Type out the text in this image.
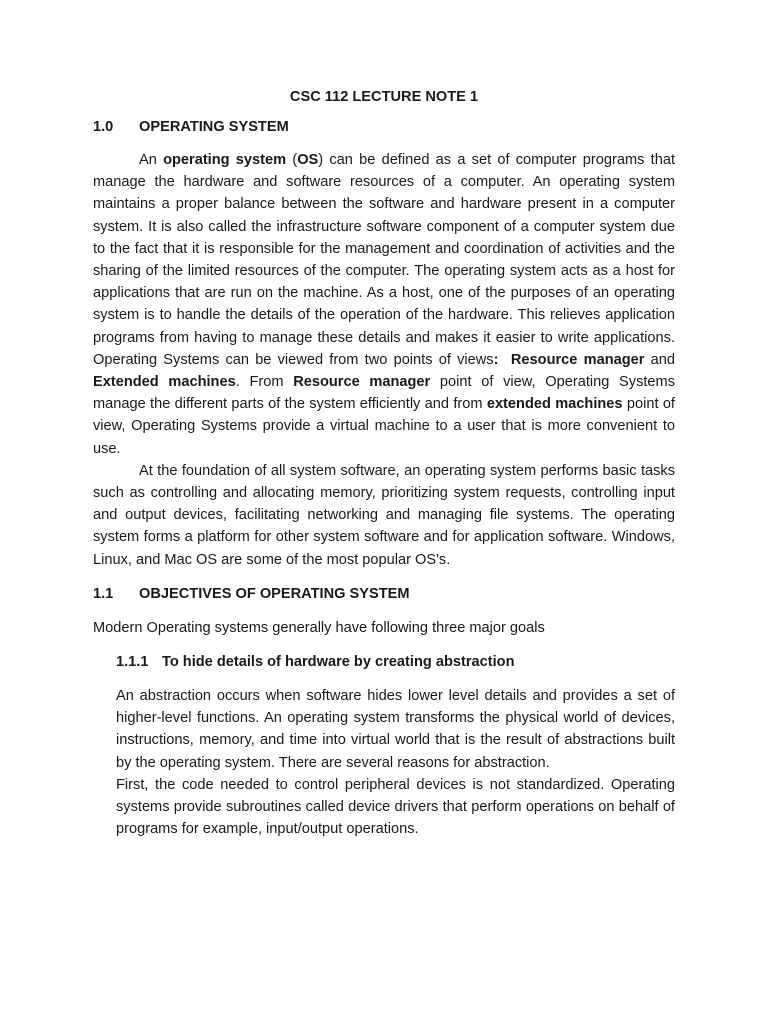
CSC 112 LECTURE NOTE 1
1.0	OPERATING SYSTEM

An operating system (OS) can be defined as a set of computer programs that manage the hardware and software resources of a computer. An operating system maintains a proper balance between the software and hardware present in a computer system. It is also called the infrastructure software component of a computer system due to the fact that it is responsible for the management and coordination of activities and the sharing of the limited resources of the computer. The operating system acts as a host for applications that are run on the machine. As a host, one of the purposes of an operating system is to handle the details of the operation of the hardware. This relieves application programs from having to manage these details and makes it easier to write applications. Operating Systems can be viewed from two points of views: Resource manager and Extended machines. From Resource manager point of view, Operating Systems manage the different parts of the system efficiently and from extended machines point of view, Operating Systems provide a virtual machine to a user that is more convenient to use.

At the foundation of all system software, an operating system performs basic tasks such as controlling and allocating memory, prioritizing system requests, controlling input and output devices, facilitating networking and managing file systems. The operating system forms a platform for other system software and for application software. Windows, Linux, and Mac OS are some of the most popular OS's.

1.1	OBJECTIVES OF OPERATING SYSTEM

Modern Operating systems generally have following three major goals

1.1.1 To hide details of hardware by creating abstraction

An abstraction occurs when software hides lower level details and provides a set of higher-level functions. An operating system transforms the physical world of devices, instructions, memory, and time into virtual world that is the result of abstractions built by the operating system. There are several reasons for abstraction.

First, the code needed to control peripheral devices is not standardized. Operating systems provide subroutines called device drivers that perform operations on behalf of programs for example, input/output operations.
